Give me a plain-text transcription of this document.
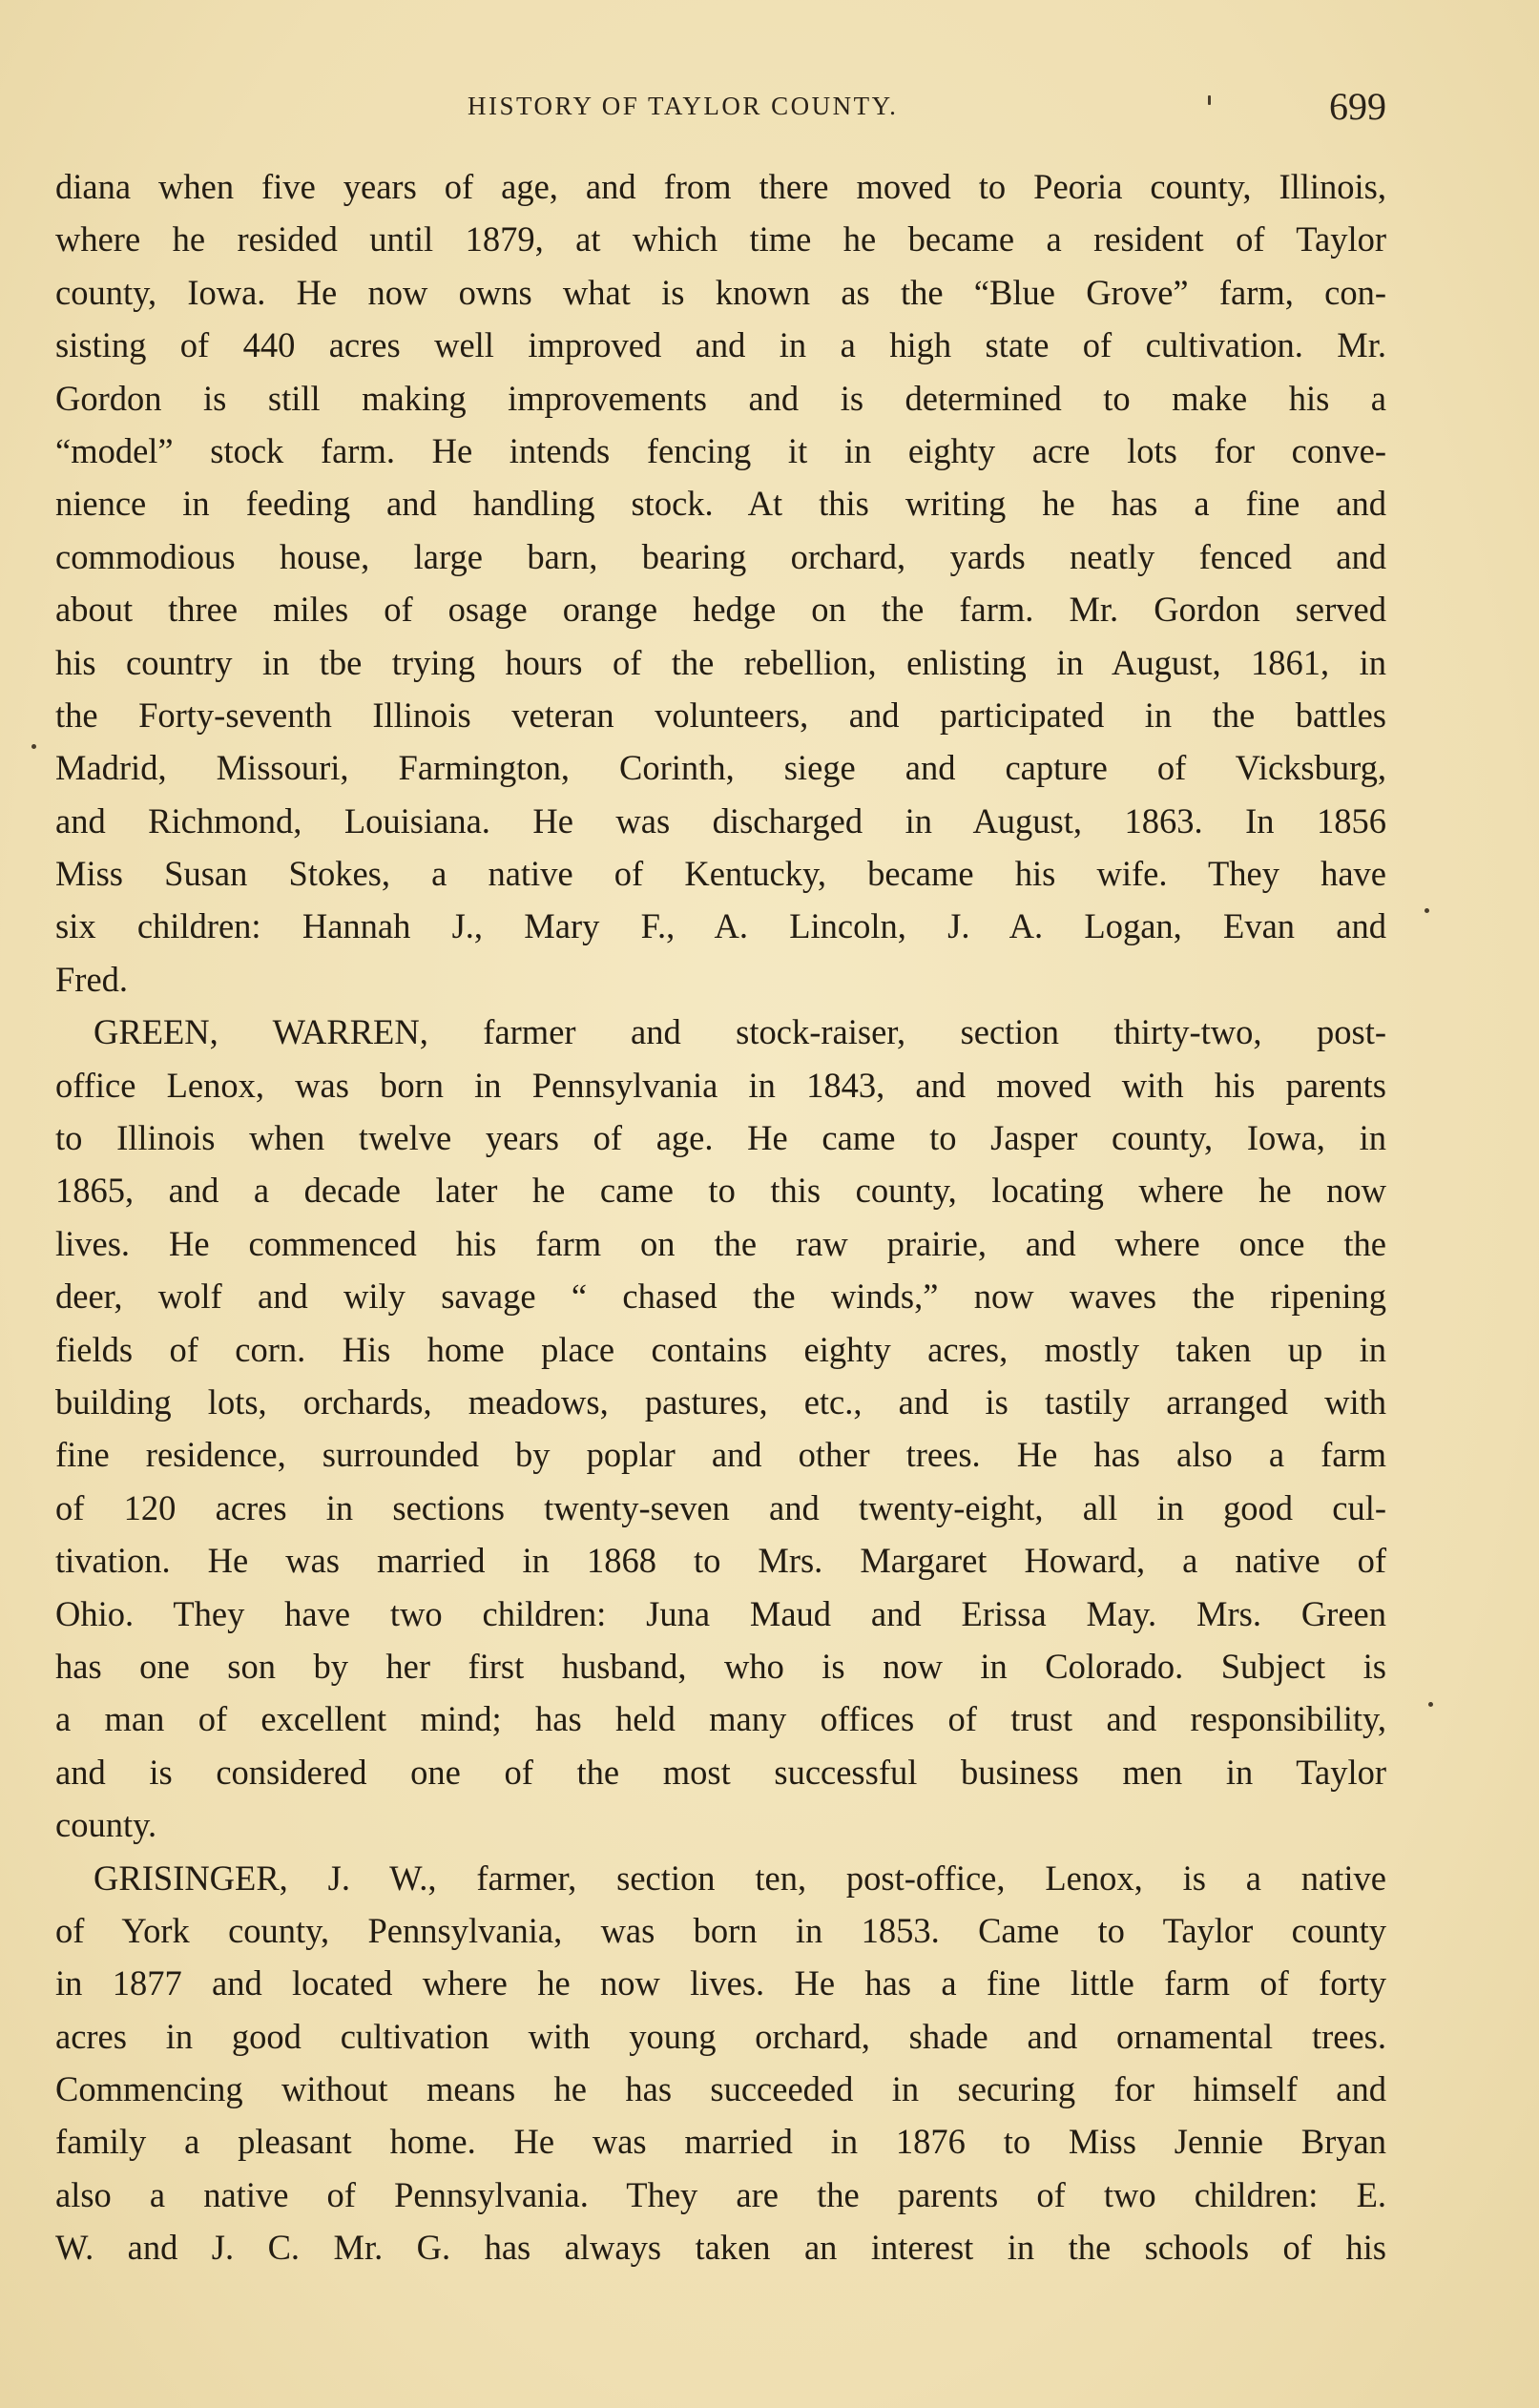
HISTORY OF TAYLOR COUNTY.	699
diana when five years of age, and from there moved to Peoria county, Illinois,
where he resided until 1879, at which time he became a resident of Taylor
county, Iowa. He now owns what is known as the “Blue Grove” farm, con-
sisting of 440 acres well improved and in a high state of cultivation. Mr.
Gordon is still making improvements and is determined to make his a
“model” stock farm. He intends fencing it in eighty acre lots for conve-
nience in feeding and handling stock. At this writing he has a fine and
commodious house, large barn, bearing orchard, yards neatly fenced and
about three miles of osage orange hedge on the farm. Mr. Gordon served
his country in tbe trying hours of the rebellion, enlisting in August, 1861, in
the Forty-seventh Illinois veteran volunteers, and participated in the battles
Madrid, Missouri, Farmington, Corinth, siege and capture of Vicksburg,
and Richmond, Louisiana. He was discharged in August, 1863. In 1856
Miss Susan Stokes, a native of Kentucky, became his wife. They have
six children: Hannah J., Mary F., A. Lincoln, J. A. Logan, Evan and
Fred.
GREEN, WARREN, farmer and stock-raiser, section thirty-two, post-
office Lenox, was born in Pennsylvania in 1843, and moved with his parents
to Illinois when twelve years of age. He came to Jasper county, Iowa, in
1865, and a decade later he came to this county, locating where he now
lives. He commenced his farm on the raw prairie, and where once the
deer, wolf and wily savage “ chased the winds,” now waves the ripening
fields of corn. His home place contains eighty acres, mostly taken up in
building lots, orchards, meadows, pastures, etc., and is tastily arranged with
fine residence, surrounded by poplar and other trees. He has also a farm
of 120 acres in sections twenty-seven and twenty-eight, all in good cul-
tivation. He was married in 1868 to Mrs. Margaret Howard, a native of
Ohio. They have two children: Juna Maud and Erissa May. Mrs. Green
has one son by her first husband, who is now in Colorado. Subject is
a man of excellent mind; has held many offices of trust and responsibility,
and is considered one of the most successful business men in Taylor
county.
GRISINGER, J. W., farmer, section ten, post-office, Lenox, is a native
of York county, Pennsylvania, was born in 1853. Came to Taylor county
in 1877 and located where he now lives. He has a fine little farm of forty
acres in good cultivation with young orchard, shade and ornamental trees.
Commencing without means he has succeeded in securing for himself and
family a pleasant home. He was married in 1876 to Miss Jennie Bryan
also a native of Pennsylvania. They are the parents of two children: E.
W. and J. C. Mr. G. has always taken an interest in the schools of his
